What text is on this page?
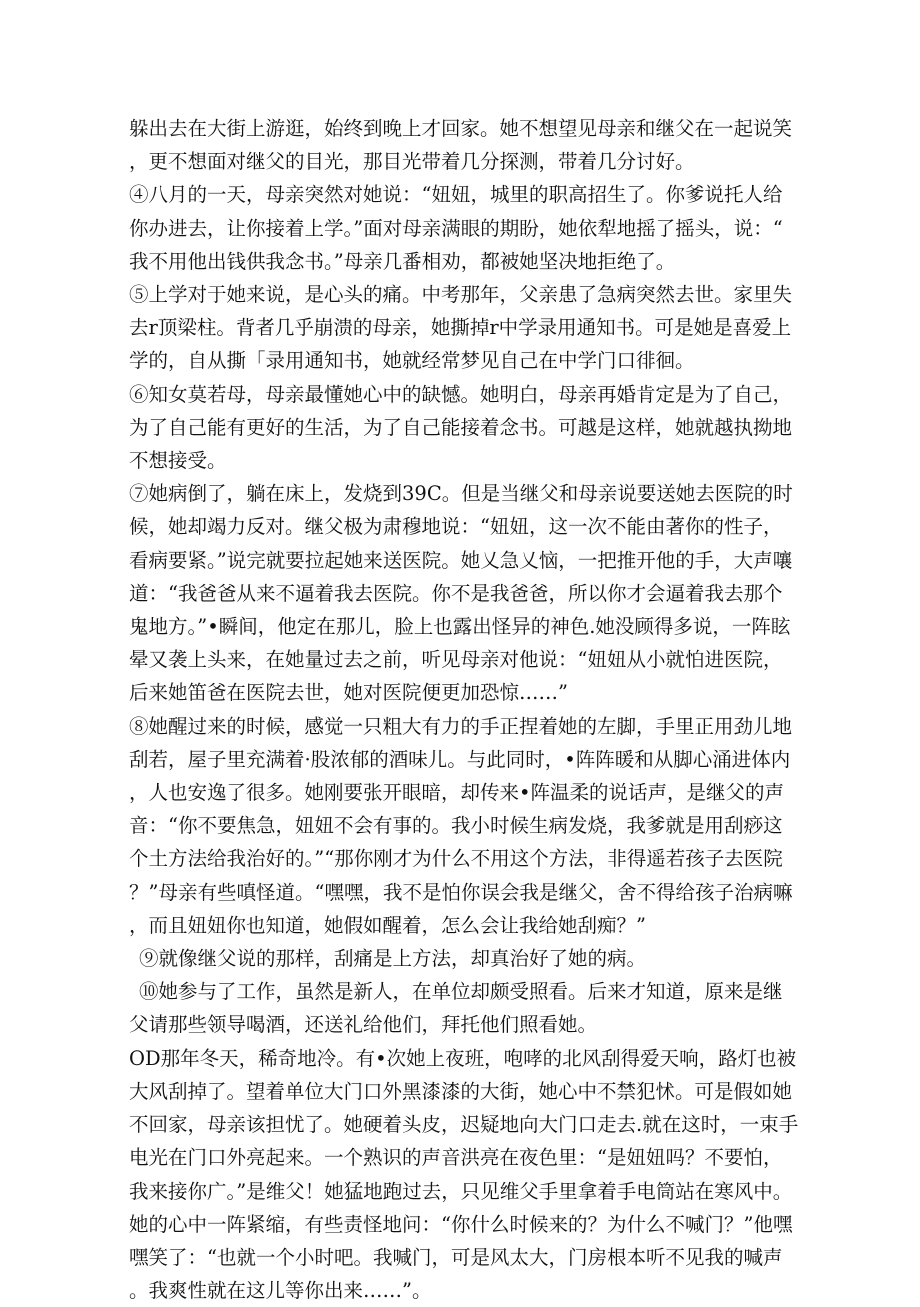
躲出去在大街上游逛，始终到晚上才回家。她不想望见母亲和继父在一起说笑，更不想面对继父的目光，那目光带着几分探测，带着几分讨好。

④八月的一天，母亲突然对她说：“妞妞，城里的职高招生了。你爹说托人给你办进去，让你接着上学。”面对母亲满眼的期盼，她依犁地摇了摇头，说：“我不用他出钱供我念书。”母亲几番相劝，都被她坚决地拒绝了。

⑤上学对于她来说，是心头的痛。中考那年，父亲患了急病突然去世。家里失去r顶梁柱。背者几乎崩溃的母亲，她撕掉r中学录用通知书。可是她是喜爱上学的，自从撕「录用通知书，她就经常梦见自己在中学门口徘徊。

⑥知女莫若母，母亲最懂她心中的缺憾。她明白，母亲再婚肯定是为了自己，为了自己能有更好的生活，为了自己能接着念书。可越是这样，她就越执拗地不想接受。

⑦她病倒了，躺在床上，发烧到39C。但是当继父和母亲说要送她去医院的时候，她却竭力反对。继父极为肃穆地说：“妞妞，这一次不能由著你的性子，看病要紧。”说完就要拉起她来送医院。她乂急乂恼，一把推开他的手，大声嚷道：“我爸爸从来不逼着我去医院。你不是我爸爸，所以你才会逼着我去那个鬼地方。”•瞬间，他定在那儿，脸上也露出怪异的神色.她没顾得多说，一阵眩晕又袭上头来，在她量过去之前，听见母亲对他说：“妞妞从小就怕进医院，后来她笛爸在医院去世，她对医院便更加恐惊……”

⑧她醒过来的时候，感觉一只粗大有力的手正捏着她的左脚，手里正用劲儿地刮若，屋子里充满着·股浓郁的酒味儿。与此同时，•阵阵暖和从脚心涌进体内，人也安逸了很多。她刚要张开眼暗，却传来•阵温柔的说话声，是继父的声音：“你不要焦急，妞妞不会有事的。我小时候生病发烧，我爹就是用刮痧这个土方法给我治好的。”“那你刚才为什么不用这个方法，非得遥若孩子去医院？”母亲有些嗔怪道。“嘿嘿，我不是怕你误会我是继父，舍不得给孩子治病嘛，而且妞妞你也知道，她假如醒着，怎么会让我给她刮痴？”

⑨就像继父说的那样，刮痛是上方法，却真治好了她的病。

⑩她参与了工作，虽然是新人，在单位却颇受照看。后来才知道，原来是继父请那些领导喝酒，还送礼给他们，拜托他们照看她。

OD那年冬天，稀奇地冷。有•次她上夜班，咆哮的北风刮得爱天响，路灯也被大风刮掉了。望着单位大门口外黑漆漆的大街，她心中不禁犯怵。可是假如她不回家，母亲该担忧了。她硬着头皮，迟疑地向大门口走去.就在这时，一束手电光在门口外亮起来。一个熟识的声音洪亮在夜色里：“是妞妞吗？不要怕，我来接你广。”是维父！她猛地跑过去，只见维父手里拿着手电筒站在寒风中。她的心中一阵紧缩，有些责怪地问：“你什么时候来的？为什么不喊门？”他嘿嘿笑了：“也就一个小时吧。我喊门，可是风太大，门房根本听不见我的喊声。我爽性就在这儿等你出来……”。
